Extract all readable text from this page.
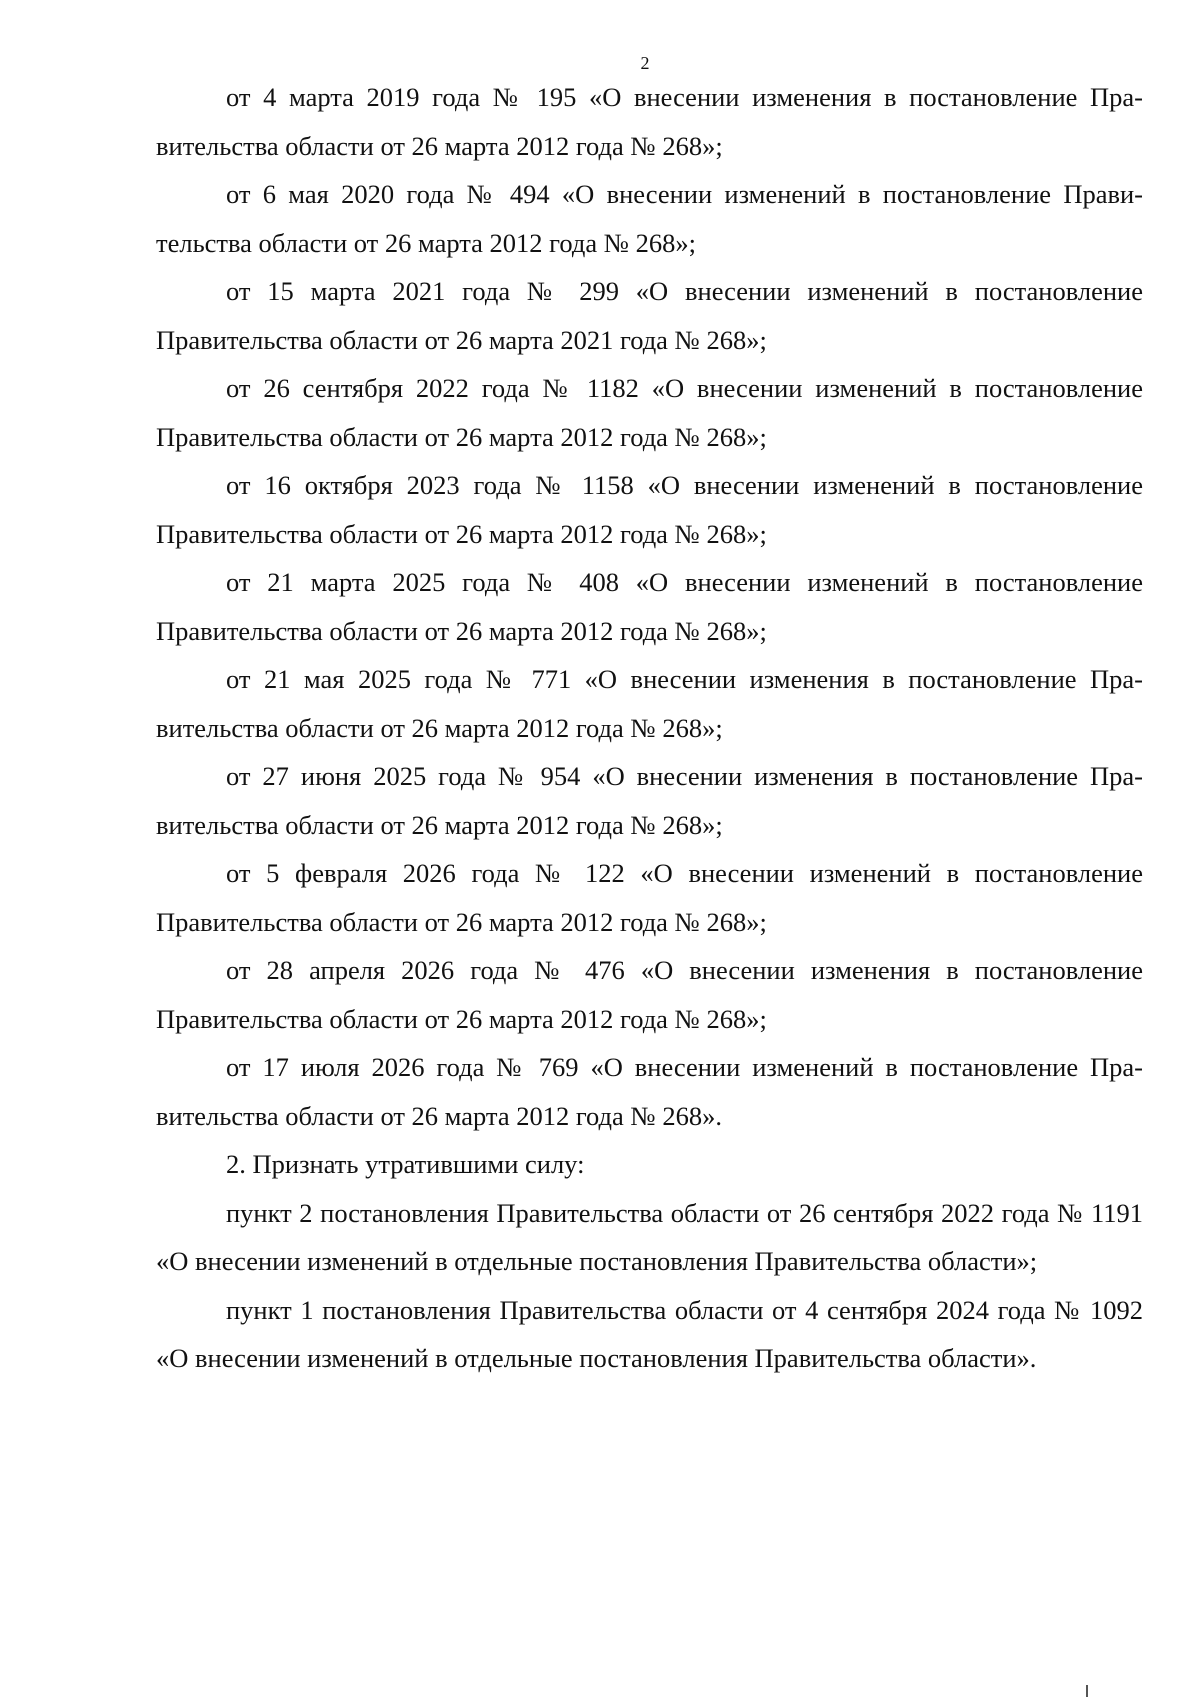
2

от 4 марта 2019 года № 195 «О внесении изменения в постановление Правительства области от 26 марта 2012 года № 268»;

от 6 мая 2020 года № 494 «О внесении изменений в постановление Правительства области от 26 марта 2012 года № 268»;

от 15 марта 2021 года № 299 «О внесении изменений в постановление Правительства области от 26 марта 2021 года № 268»;

от 26 сентября 2022 года № 1182 «О внесении изменений в постановление Правительства области от 26 марта 2012 года № 268»;

от 16 октября 2023 года № 1158 «О внесении изменений в постановление Правительства области от 26 марта 2012 года № 268»;

от 21 марта 2025 года № 408 «О внесении изменений в постановление Правительства области от 26 марта 2012 года № 268»;

от 21 мая 2025 года № 771 «О внесении изменения в постановление Правительства области от 26 марта 2012 года № 268»;

от 27 июня 2025 года № 954 «О внесении изменения в постановление Правительства области от 26 марта 2012 года № 268»;

от 5 февраля 2026 года № 122 «О внесении изменений в постановление Правительства области от 26 марта 2012 года № 268»;

от 28 апреля 2026 года № 476 «О внесении изменения в постановление Правительства области от 26 марта 2012 года № 268»;

от 17 июля 2026 года № 769 «О внесении изменений в постановление Правительства области от 26 марта 2012 года № 268».

2. Признать утратившими силу:

пункт 2 постановления Правительства области от 26 сентября 2022 года № 1191 «О внесении изменений в отдельные постановления Правительства области»;

пункт 1 постановления Правительства области от 4 сентября 2024 года № 1092 «О внесении изменений в отдельные постановления Правительства области».
